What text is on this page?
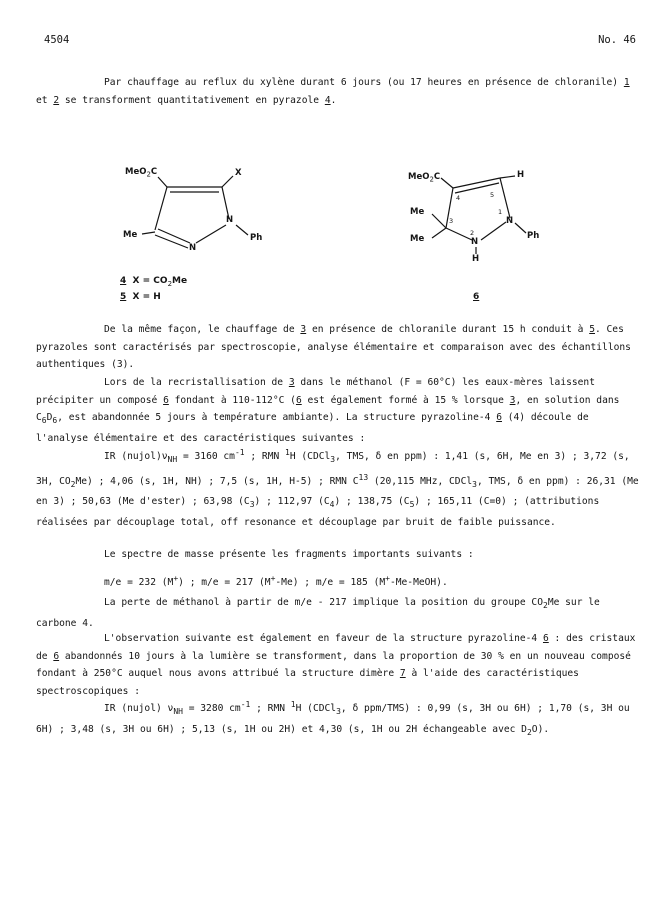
4504	No. 46
Par chauffage au reflux du xylène durant 6 jours (ou 17 heures en présence de chloranile) 1 et 2 se transforment quantitativement en pyrazole 4.
MeO$_2$C	X
Me
N
N
Ph
4 $X = CO_2Me$
5 X = H
MeO$_2$C	H
Me
Me
N
N
Ph
H
4	5
3
2
1
6
De la même façon, le chauffage de 3 en présence de chloranile durant 15 h conduit à 5. Ces pyrazoles sont caractérisés par spectroscopie, analyse élémentaire et comparaison avec des échantillons authentiques (3).
Lors de la recristallisation de 3 dans le méthanol (F = 60°C) les eaux-mères laissent précipiter un composé 6 fondant à 110-112°C (6 est également formé à 15 % lorsque 3, en solution dans $C_6D_6$, est abandonnée 5 jours à température ambiante). La structure pyrazoline-4 6 (4) découle de l'analyse élémentaire et des caractéristiques suivantes :
IR $(nujol)\nu_{NH} = 3160$ $cm^{-1}$ ; RMN $^1$H (CDCl$_3$, TMS, δ en ppm) : 1,41 (s, 6H, Me en 3) ; 3,72 (s, 3H, $CO_2Me$) ; 4,06 (s, 1H, NH) ; 7,5 (s, 1H, H-5) ; RMN $C^{13}$ (20,115 MHz, CDCl$_3$, TMS, δ en ppm) : 26,31 (Me en 3) ; 50,63 (Me d'ester) ; 63,98 $(C_3)$ ; 112,97 $(C_4)$ ; 138,75 $(C_5)$ ; 165,11 (C=0) ; (attributions réalisées par découplage total, off resonance et découplage par bruit de faible puissance.
Le spectre de masse présente les fragments importants suivants :
m/e = 232 (M+) ; m/e = 217 (M+-Me) ; m/e = 185 (M+-Me-MeOH).
La perte de méthanol à partir de m/e - 217 implique la position du groupe $CO_2Me$ sur le carbone 4.
L'observation suivante est également en faveur de la structure pyrazoline-4 6 : des cristaux de 6 abandonnés 10 jours à la lumière se transforment, dans la proportion de 30 % en un nouveau composé fondant à 250°C auquel nous avons attribué la structure dimère 7 à l'aide des caractéristiques spectroscopiques :
IR (nujol) $\nu_{NH} = 3280$ $cm^{-1}$ ; RMN $^1$H (CDCl$_3$, δ ppm/TMS) : 0,99 (s, 3H ou 6H) ; 1,70 (s, 3H ou 6H) ; 3,48 (s, 3H ou 6H) ; 5,13 (s, 1H ou 2H) et 4,30 (s, 1H ou 2H échangeable avec $D_2O$).
